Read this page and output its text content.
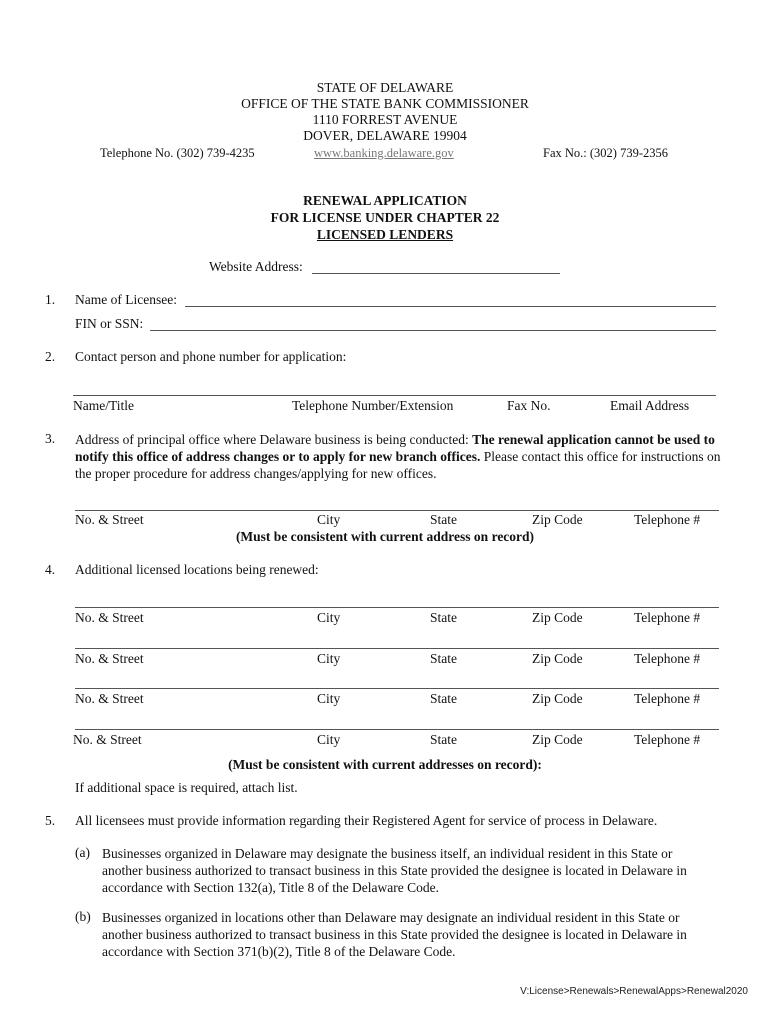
STATE OF DELAWARE
OFFICE OF THE STATE BANK COMMISSIONER
1110 FORREST AVENUE
DOVER, DELAWARE 19904
Telephone No. (302) 739-4235	www.banking.delaware.gov	Fax No.: (302) 739-2356
RENEWAL APPLICATION
FOR LICENSE UNDER CHAPTER 22
LICENSED LENDERS
Website Address:
1. Name of Licensee:
FIN or SSN:
2. Contact person and phone number for application:
Name/Title	Telephone Number/Extension	Fax No.	Email Address
3. Address of principal office where Delaware business is being conducted: The renewal application cannot be used to notify this office of address changes or to apply for new branch offices. Please contact this office for instructions on the proper procedure for address changes/applying for new offices.
No. & Street	City	State	Zip Code	Telephone #
(Must be consistent with current address on record)
4. Additional licensed locations being renewed:
No. & Street	City	State	Zip Code	Telephone #
No. & Street	City	State	Zip Code	Telephone #
No. & Street	City	State	Zip Code	Telephone #
No. & Street	City	State	Zip Code	Telephone #
(Must be consistent with current addresses on record):
If additional space is required, attach list.
5. All licensees must provide information regarding their Registered Agent for service of process in Delaware.
(a) Businesses organized in Delaware may designate the business itself, an individual resident in this State or another business authorized to transact business in this State provided the designee is located in Delaware in accordance with Section 132(a), Title 8 of the Delaware Code.
(b) Businesses organized in locations other than Delaware may designate an individual resident in this State or another business authorized to transact business in this State provided the designee is located in Delaware in accordance with Section 371(b)(2), Title 8 of the Delaware Code.
V:License>Renewals>RenewalApps>Renewal2020
